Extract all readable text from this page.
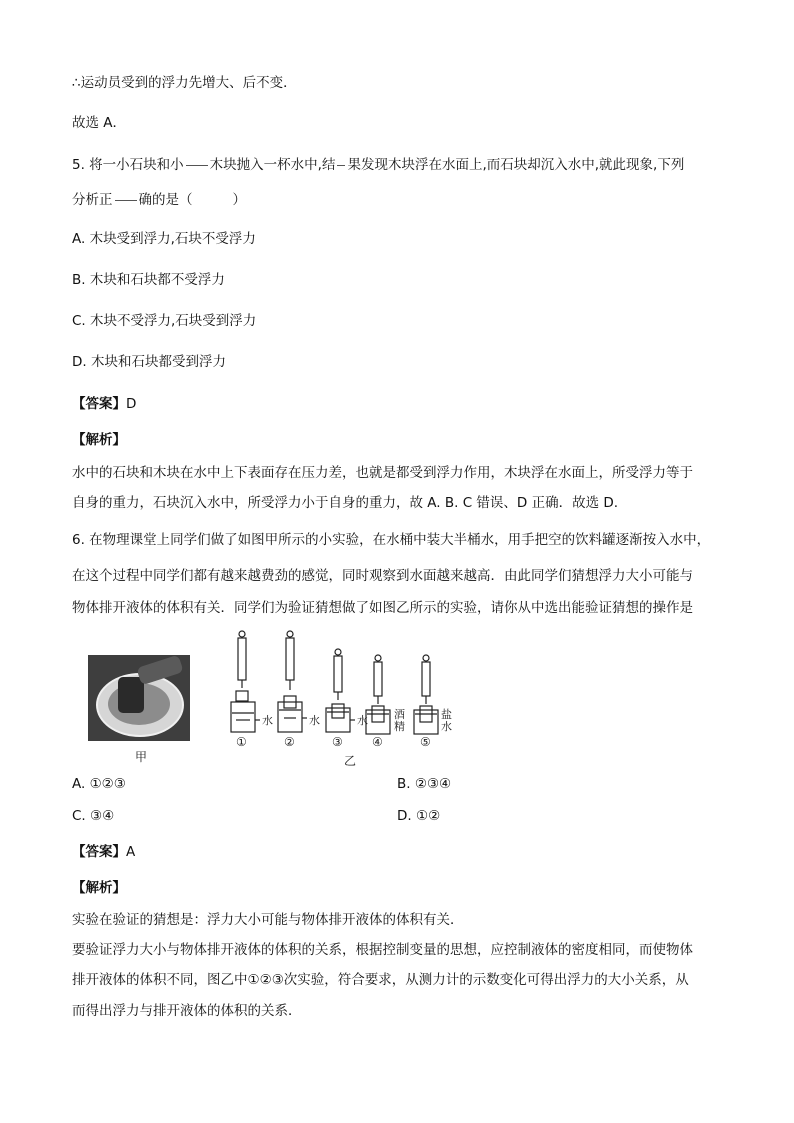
∴运动员受到的浮力先增大、后不变．
故选 A．
5. 将一小石块和小 木块抛入一杯水中,结 果发现木块浮在水面上,而石块却沉入水中,就此现象,下列
分析正 确的是（	）
A. 木块受到浮力,石块不受浮力
B. 木块和石块都不受浮力
C. 木块不受浮力,石块受到浮力
D. 木块和石块都受到浮力
【答案】D
【解析】
水中的石块和木块在水中上下表面存在压力差，也就是都受到浮力作用，木块浮在水面上，所受浮力等于
自身的重力，石块沉入水中，所受浮力小于自身的重力，故 A. B. C 错误、D 正确．故选 D.
6. 在物理课堂上同学们做了如图甲所示的小实验，在水桶中装大半桶水，用手把空的饮料罐逐渐按入水中，
在这个过程中同学们都有越来越费劲的感觉，同时观察到水面越来越高．由此同学们猜想浮力大小可能与
物体排开液体的体积有关．同学们为验证猜想做了如图乙所示的实验，请你从中选出能验证猜想的操作是
甲
水	水	水 酒
精
盐
水
①	②	③ ④	⑤
乙
A. ①②③	B. ②③④
C. ③④	D. ①②
【答案】A
【解析】
实验在验证的猜想是：浮力大小可能与物体排开液体的体积有关．
要验证浮力大小与物体排开液体的体积的关系，根据控制变量的思想，应控制液体的密度相同，而使物体
排开液体的体积不同，图乙中①②③次实验，符合要求，从测力计的示数变化可得出浮力的大小关系，从
而得出浮力与排开液体的体积的关系．
